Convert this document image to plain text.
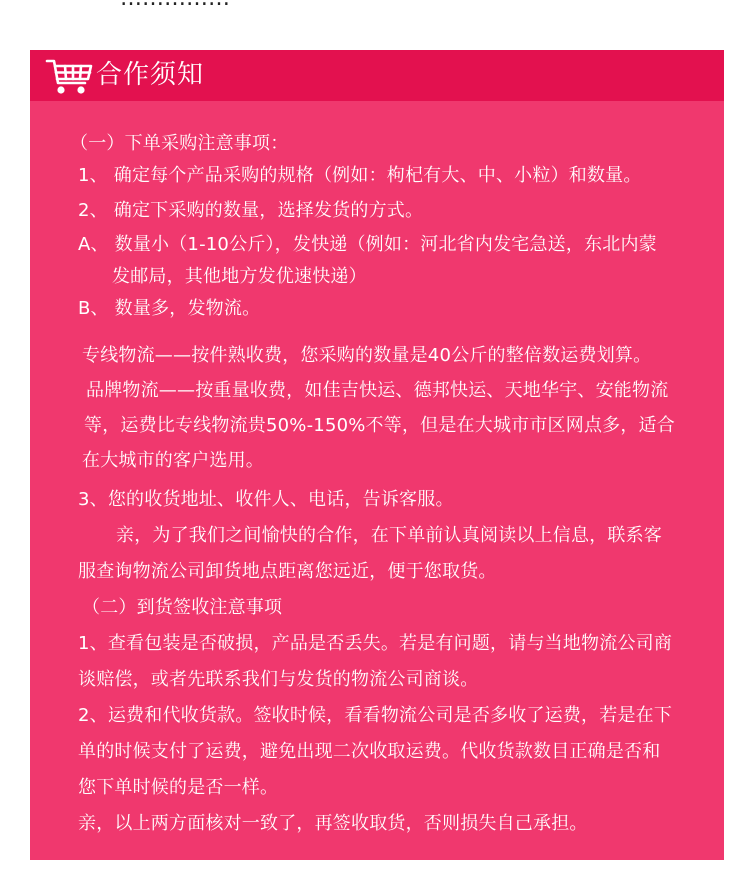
合作须知
（一）下单采购注意事项：
1、 确定每个产品采购的规格（例如：枸杞有大、中、小粒）和数量。
2、 确定下采购的数量，选择发货的方式。
A、 数量小（1-10公斤），发快递（例如：河北省内发宅急送，东北内蒙
发邮局，其他地方发优速快递）
B、 数量多，发物流。
专线物流——按件熟收费，您采购的数量是40公斤的整倍数运费划算。
品牌物流——按重量收费，如佳吉快运、德邦快运、天地华宇、安能物流
等，运费比专线物流贵50%-150%不等，但是在大城市市区网点多，适合
在大城市的客户选用。
3、您的收货地址、收件人、电话，告诉客服。
亲，为了我们之间愉快的合作，在下单前认真阅读以上信息，联系客
服查询物流公司卸货地点距离您远近，便于您取货。
（二）到货签收注意事项
1、查看包装是否破损，产品是否丢失。若是有问题，请与当地物流公司商
谈赔偿，或者先联系我们与发货的物流公司商谈。
2、运费和代收货款。签收时候，看看物流公司是否多收了运费，若是在下
单的时候支付了运费，避免出现二次收取运费。代收货款数目正确是否和
您下单时候的是否一样。
亲，以上两方面核对一致了，再签收取货，否则损失自己承担。
